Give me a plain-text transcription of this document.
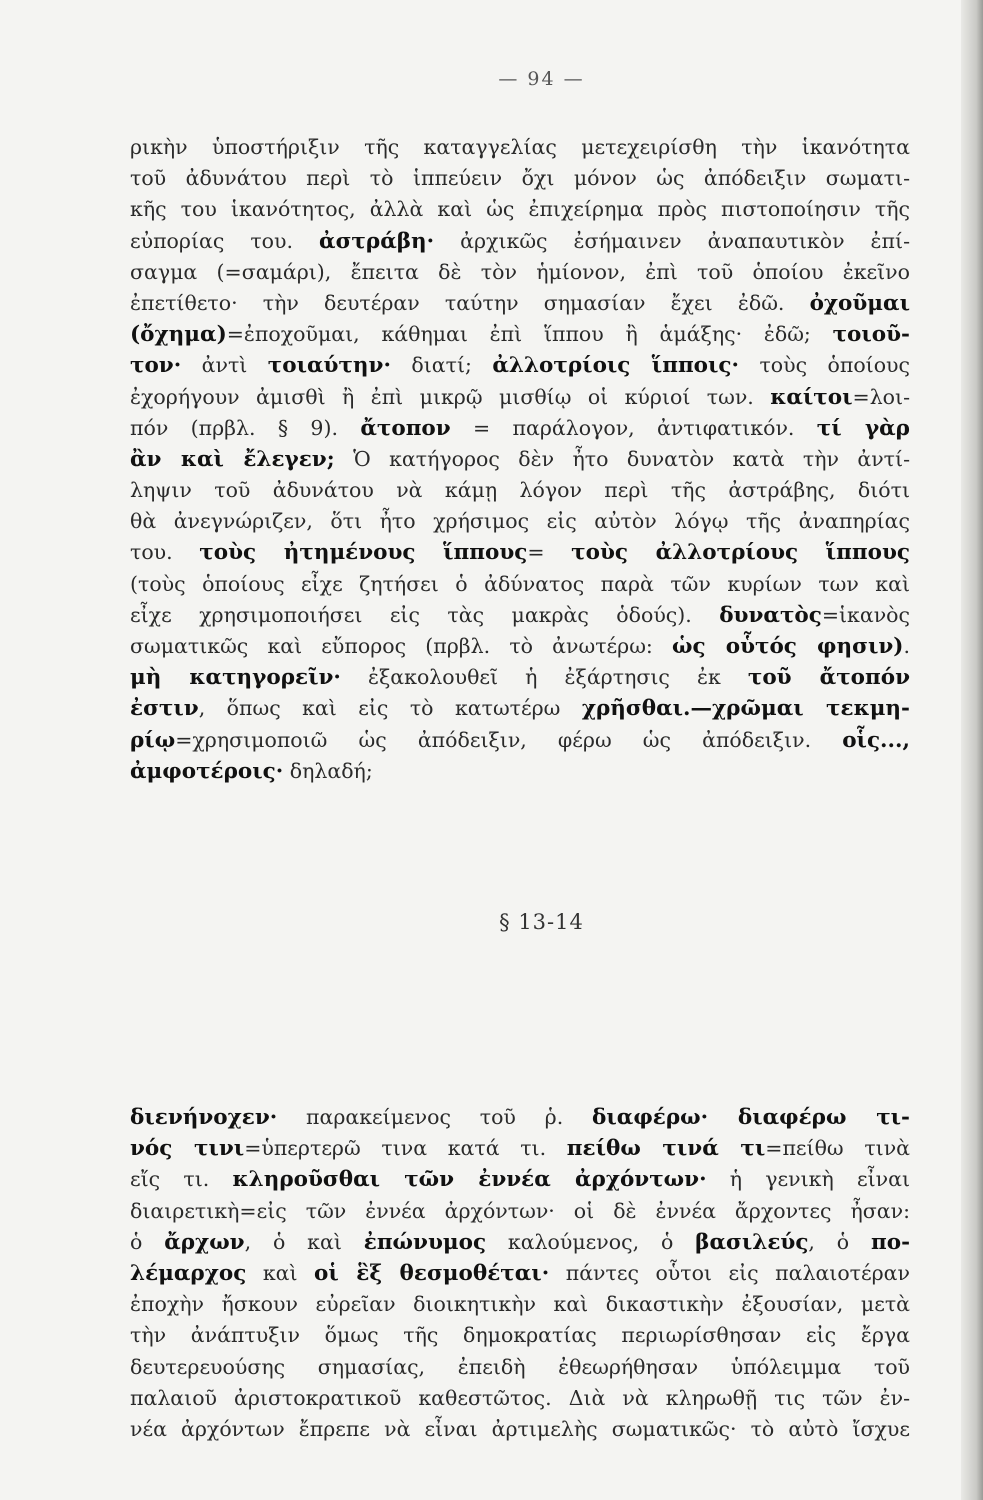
— 94 —
ρικὴν ὑποστήριξιν τῆς καταγγελίας μετεχειρίσθη τὴν ἱκανότητα
τοῦ ἀδυνάτου περὶ τὸ ἱππεύειν ὄχι μόνον ὡς ἀπόδειξιν σωματι-
κῆς του ἱκανότητος, ἀλλὰ καὶ ὡς ἐπιχείρημα πρὸς πιστοποίησιν τῆς
εὐπορίας του. ἀστράβη· ἀρχικῶς ἐσήμαινεν ἀναπαυτικὸν ἐπί-
σαγμα (=σαμάρι), ἔπειτα δὲ τὸν ἡμίονον, ἐπὶ τοῦ ὁποίου ἐκεῖνο
ἐπετίθετο· τὴν δευτέραν ταύτην σημασίαν ἔχει ἐδῶ. ὀχοῦμαι
(ὄχημα)=ἐποχοῦμαι, κάθημαι ἐπὶ ἵππου ἢ ἁμάξης· ἐδῶ; τοιοῦ-
τον· ἀντὶ τοιαύτην· διατί; ἀλλοτρίοις ἵπποις· τοὺς ὁποίους
ἐχορήγουν ἀμισθὶ ἢ ἐπὶ μικρῷ μισθίῳ οἱ κύριοί των. καίτοι=λοι-
πόν (πρβλ. § 9). ἄτοπον = παράλογον, ἀντιφατικόν. τί γὰρ
ἂν καὶ ἔλεγεν; Ὁ κατήγορος δὲν ἦτο δυνατὸν κατὰ τὴν ἀντί-
ληψιν τοῦ ἀδυνάτου νὰ κάμῃ λόγον περὶ τῆς ἀστράβης, διότι
θὰ ἀνεγνώριζεν, ὅτι ἦτο χρήσιμος εἰς αὐτὸν λόγῳ τῆς ἀναπηρίας
του. τοὺς ἠτημένους ἵππους= τοὺς ἀλλοτρίους ἵππους
(τοὺς ὁποίους εἶχε ζητήσει ὁ ἀδύνατος παρὰ τῶν κυρίων των καὶ
εἶχε χρησιμοποιήσει εἰς τὰς μακρὰς ὁδούς). δυνατὸς=ἱκανὸς
σωματικῶς καὶ εὔπορος (πρβλ. τὸ ἀνωτέρω: ὡς οὗτός φησιν).
μὴ κατηγορεῖν· ἐξακολουθεῖ ἡ ἐξάρτησις ἐκ τοῦ ἄτοπόν
ἐστιν, ὅπως καὶ εἰς τὸ κατωτέρω χρῆσθαι.—χρῶμαι τεκμη-
ρίῳ=χρησιμοποιῶ ὡς ἀπόδειξιν, φέρω ὡς ἀπόδειξιν. οἷς...,
ἀμφοτέροις· δηλαδή;
§ 13-14
διενήνοχεν· παρακείμενος τοῦ ῥ. διαφέρω· διαφέρω τι-
νός τινι=ὑπερτερῶ τινα κατά τι. πείθω τινά τι=πείθω τινὰ
εἴς τι. κληροῦσθαι τῶν ἐννέα ἀρχόντων· ἡ γενικὴ εἶναι
διαιρετικὴ=εἰς τῶν ἐννέα ἀρχόντων· οἱ δὲ ἐννέα ἄρχοντες ἦσαν:
ὁ ἄρχων, ὁ καὶ ἐπώνυμος καλούμενος, ὁ βασιλεύς, ὁ πο-
λέμαρχος καὶ οἱ ἓξ θεσμοθέται· πάντες οὗτοι εἰς παλαιοτέραν
ἐποχὴν ἤσκουν εὐρεῖαν διοικητικὴν καὶ δικαστικὴν ἐξουσίαν, μετὰ
τὴν ἀνάπτυξιν ὅμως τῆς δημοκρατίας περιωρίσθησαν εἰς ἔργα
δευτερευούσης σημασίας, ἐπειδὴ ἐθεωρήθησαν ὑπόλειμμα τοῦ
παλαιοῦ ἀριστοκρατικοῦ καθεστῶτος. Διὰ νὰ κληρωθῇ τις τῶν ἐν-
νέα ἀρχόντων ἔπρεπε νὰ εἶναι ἀρτιμελὴς σωματικῶς· τὸ αὐτὸ ἴσχυε
